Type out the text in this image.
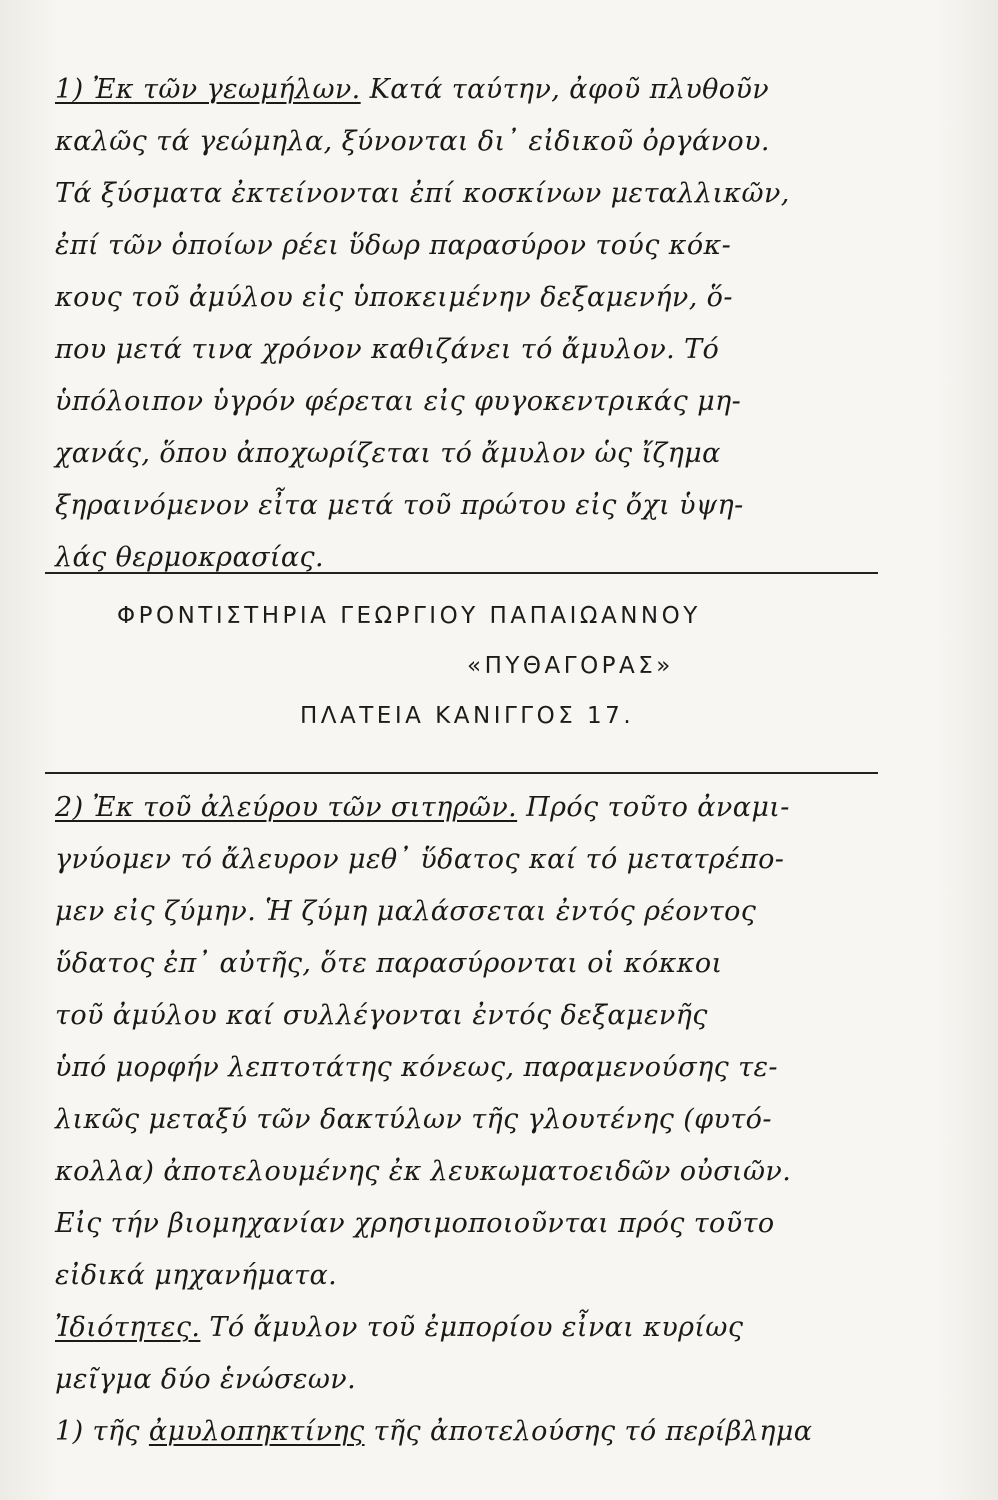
1) Ἐκ τῶν γεωμήλων. Κατά ταύτην, ἀφοῦ πλυθοῦν
καλῶς τά γεώμηλα, ξύνονται δι᾽ εἰδικοῦ ὀργάνου.
Τά ξύσματα ἐκτείνονται ἐπί κοσκίνων μεταλλικῶν,
ἐπί τῶν ὁποίων ρέει ὕδωρ παρασύρον τούς κόκ-
κους τοῦ ἀμύλου εἰς ὑποκειμένην δεξαμενήν, ὅ-
που μετά τινα χρόνον καθιζάνει τό ἄμυλον. Τό
ὑπόλοιπον ὑγρόν φέρεται εἰς φυγοκεντρικάς μη-
χανάς, ὅπου ἀποχωρίζεται τό ἄμυλον ὡς ἴζημα
ξηραινόμενον εἶτα μετά τοῦ πρώτου εἰς ὄχι ὑψη-
λάς θερμοκρασίας.
ΦΡΟΝΤΙΣΤΗΡΙΑ ΓΕΩΡΓΙΟΥ ΠΑΠΑΙΩΑΝΝΟΥ
«ΠΥΘΑΓΟΡΑΣ»
ΠΛΑΤΕΙΑ ΚΑΝΙΓΓΟΣ 17.
2) Ἐκ τοῦ ἀλεύρου τῶν σιτηρῶν. Πρός τοῦτο ἀναμι-
γνύομεν τό ἄλευρον μεθ᾽ ὕδατος καί τό μετατρέπο-
μεν εἰς ζύμην. Ἡ ζύμη μαλάσσεται ἐντός ρέοντος
ὕδατος ἐπ᾽ αὐτῆς, ὅτε παρασύρονται οἱ κόκκοι
τοῦ ἀμύλου καί συλλέγονται ἐντός δεξαμενῆς
ὑπό μορφήν λεπτοτάτης κόνεως, παραμενούσης τε-
λικῶς μεταξύ τῶν δακτύλων τῆς γλουτένης (φυτό-
κολλα) ἀποτελουμένης ἐκ λευκωματοειδῶν οὐσιῶν.
Εἰς τήν βιομηχανίαν χρησιμοποιοῦνται πρός τοῦτο
εἰδικά μηχανήματα.
Ἰδιότητες. Τό ἄμυλον τοῦ ἐμπορίου εἶναι κυρίως
μεῖγμα δύο ἑνώσεων.
1) τῆς ἀμυλοπηκτίνης τῆς ἀποτελούσης τό περίβλημα
